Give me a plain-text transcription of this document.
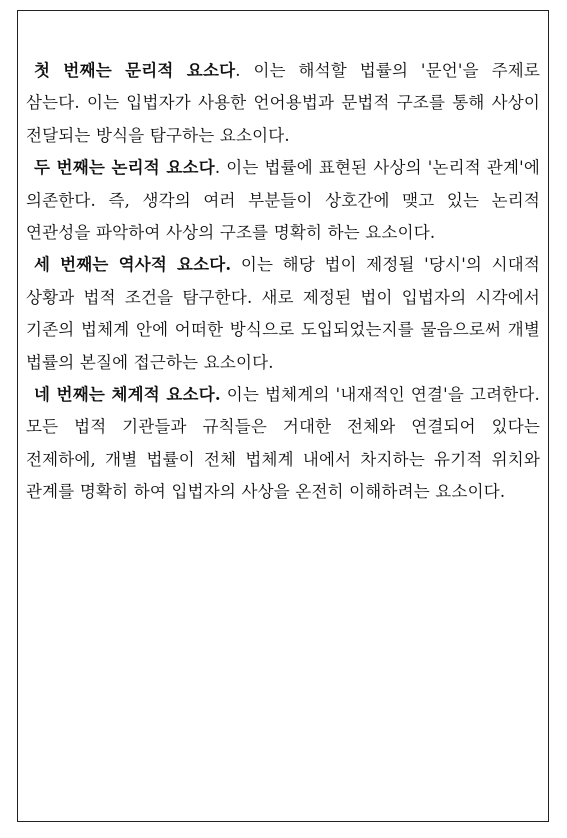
첫 번째는 문리적 요소다. 이는 해석할 법률의 '문언'을 주제로 삼는다. 이는 입법자가 사용한 언어용법과 문법적 구조를 통해 사상이 전달되는 방식을 탐구하는 요소이다.

두 번째는 논리적 요소다. 이는 법률에 표현된 사상의 '논리적 관계'에 의존한다. 즉, 생각의 여러 부분들이 상호간에 맺고 있는 논리적 연관성을 파악하여 사상의 구조를 명확히 하는 요소이다.

세 번째는 역사적 요소다. 이는 해당 법이 제정될 '당시'의 시대적 상황과 법적 조건을 탐구한다. 새로 제정된 법이 입법자의 시각에서 기존의 법체계 안에 어떠한 방식으로 도입되었는지를 물음으로써 개별 법률의 본질에 접근하는 요소이다.

네 번째는 체계적 요소다. 이는 법체계의 '내재적인 연결'을 고려한다. 모든 법적 기관들과 규칙들은 거대한 전체와 연결되어 있다는 전제하에, 개별 법률이 전체 법체계 내에서 차지하는 유기적 위치와 관계를 명확히 하여 입법자의 사상을 온전히 이해하려는 요소이다.
